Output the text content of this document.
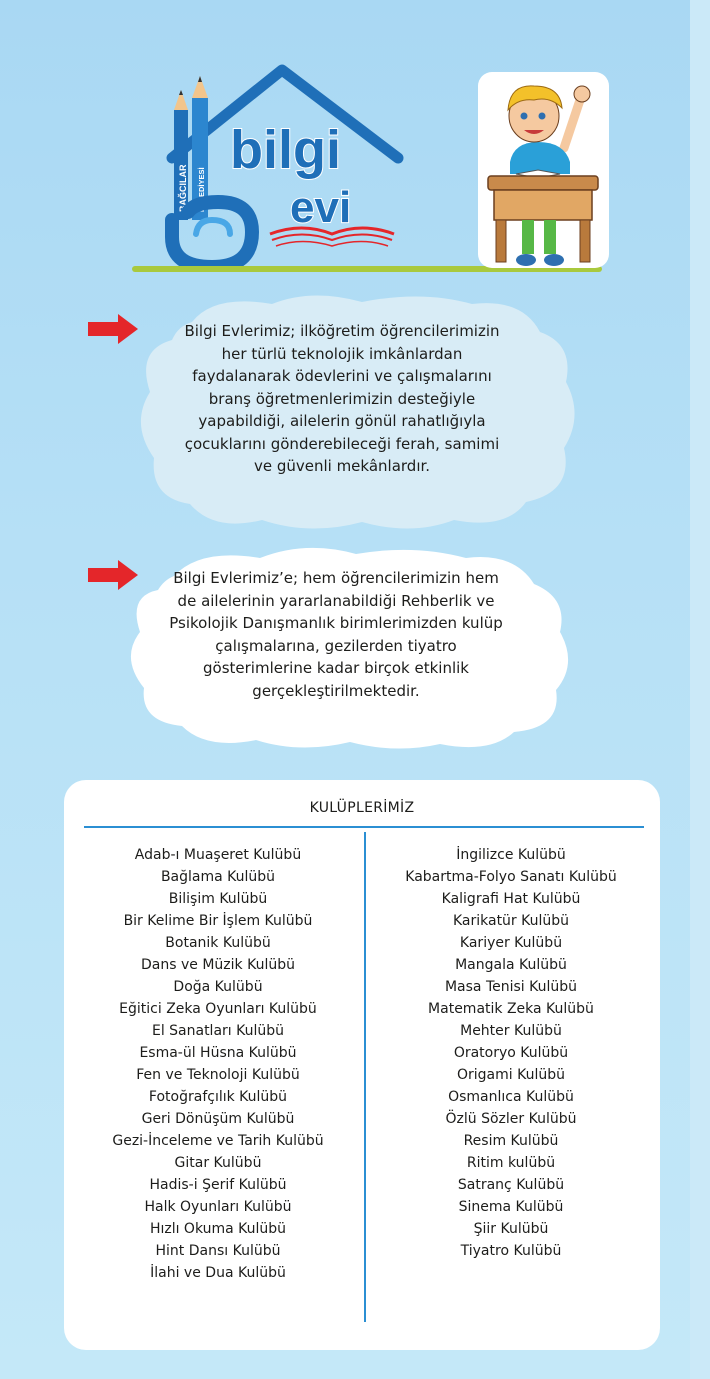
BAĞCILAR BELEDİYESİ
bilgi
evi
Bilgi Evlerimiz; ilköğretim öğrencilerimizin
her türlü teknolojik imkânlardan
faydalanarak ödevlerini ve çalışmalarını
branş öğretmenlerimizin desteğiyle
yapabildiği, ailelerin gönül rahatlığıyla
çocuklarını gönderebileceği ferah, samimi
ve güvenli mekânlardır.
Bilgi Evlerimiz’e; hem öğrencilerimizin hem
de ailelerinin yararlanabildiği Rehberlik ve
Psikolojik Danışmanlık birimlerimizden kulüp
çalışmalarına, gezilerden tiyatro
gösterimlerine kadar birçok etkinlik
gerçekleştirilmektedir.
KULÜPLERİMİZ
Adab-ı Muaşeret Kulübü
Bağlama Kulübü
Bilişim Kulübü
Bir Kelime Bir İşlem Kulübü
Botanik Kulübü
Dans ve Müzik Kulübü
Doğa Kulübü
Eğitici Zeka Oyunları Kulübü
El Sanatları Kulübü
Esma-ül Hüsna Kulübü
Fen ve Teknoloji Kulübü
Fotoğrafçılık Kulübü
Geri Dönüşüm Kulübü
Gezi-İnceleme ve Tarih Kulübü
Gitar Kulübü
Hadis-i Şerif Kulübü
Halk Oyunları Kulübü
Hızlı Okuma Kulübü
Hint Dansı Kulübü
İlahi ve Dua Kulübü
İngilizce Kulübü
Kabartma-Folyo Sanatı Kulübü
Kaligrafi Hat Kulübü
Karikatür Kulübü
Kariyer Kulübü
Mangala Kulübü
Masa Tenisi Kulübü
Matematik Zeka Kulübü
Mehter Kulübü
Oratoryo Kulübü
Origami Kulübü
Osmanlıca Kulübü
Özlü Sözler Kulübü
Resim Kulübü
Ritim kulübü
Satranç Kulübü
Sinema Kulübü
Şiir Kulübü
Tiyatro Kulübü
